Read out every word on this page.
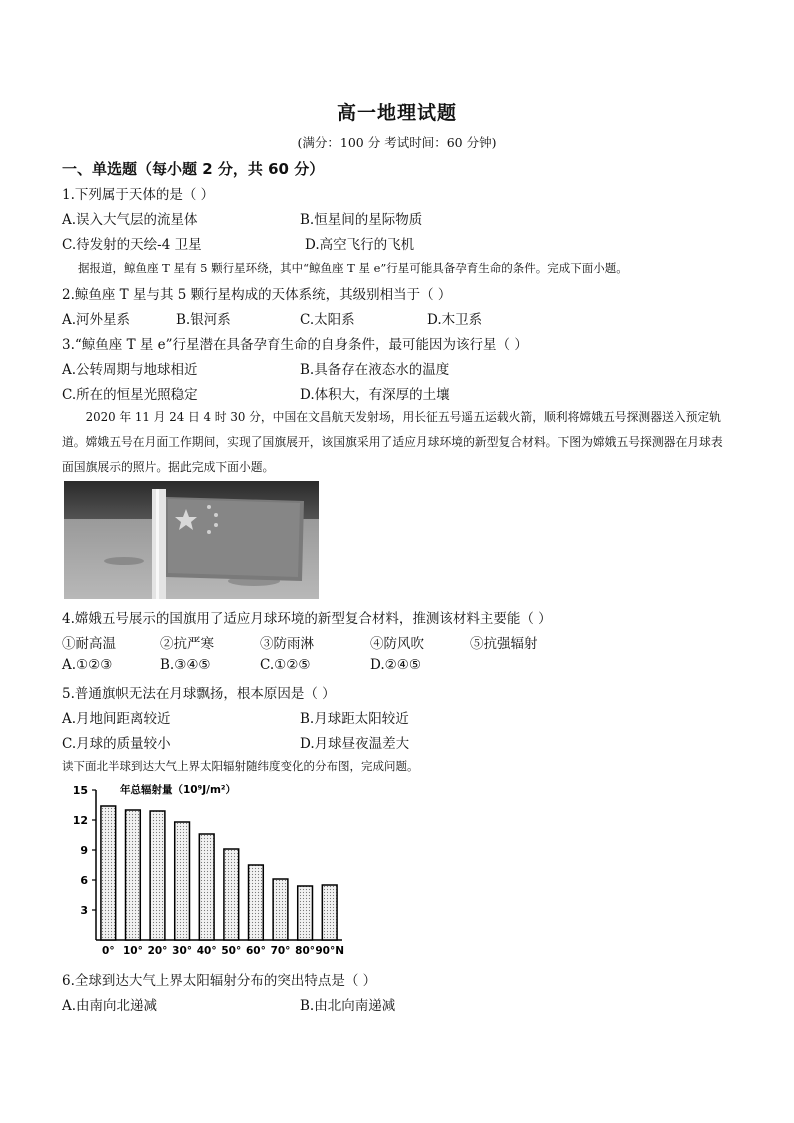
高一地理试题
(满分：100 分 考试时间：60 分钟)
一、单选题（每小题 2 分，共 60 分）
1.下列属于天体的是（ ）
A.误入大气层的流星体	B.恒星间的星际物质
C.待发射的天绘-4 卫星	D.高空飞行的飞机
据报道，鲸鱼座 T 星有 5 颗行星环绕，其中“鲸鱼座 T 星 e”行星可能具备孕育生命的条件。完成下面小题。
2.鲸鱼座 T 星与其 5 颗行星构成的天体系统，其级别相当于（ ）
A.河外星系	B.银河系	C.太阳系	D.木卫系
3.“鲸鱼座 T 星 e”行星潜在具备孕育生命的自身条件，最可能因为该行星（ ）
A.公转周期与地球相近	B.具备存在液态水的温度
C.所在的恒星光照稳定	D.体积大，有深厚的土壤
2020 年 11 月 24 日 4 时 30 分，中国在文昌航天发射场，用长征五号遥五运载火箭，顺利将嫦娥五号探测器送入预定轨道。嫦娥五号在月面工作期间，实现了国旗展开，该国旗采用了适应月球环境的新型复合材料。下图为嫦娥五号探测器在月球表面国旗展示的照片。据此完成下面小题。
4.嫦娥五号展示的国旗用了适应月球环境的新型复合材料，推测该材料主要能（ ）
①耐高温	②抗严寒	③防雨淋	④防风吹	⑤抗强辐射
A.①②③	B.③④⑤	C.①②⑤	D.②④⑤
5.普通旗帜无法在月球飘扬，根本原因是（ ）
A.月地间距离较近	B.月球距太阳较近
C.月球的质量较小	D.月球昼夜温差大
读下面北半球到达大气上界太阳辐射随纬度变化的分布图，完成问题。
年总辐射量（10⁹J/m²）
3
6
9
12
15
0° 10° 20° 30° 40° 50° 60° 70° 80° 90°N
6.全球到达大气上界太阳辐射分布的突出特点是（ ）
A.由南向北递减	B.由北向南递减
